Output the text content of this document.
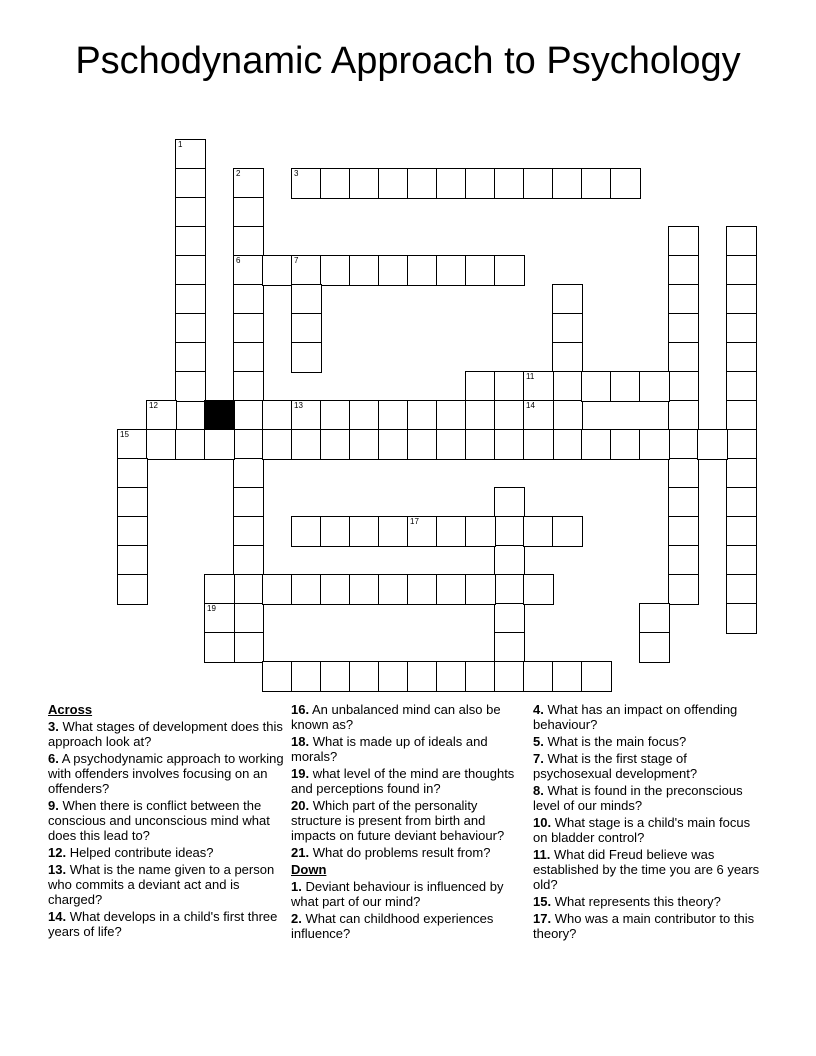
Pschodynamic Approach to Psychology
1
2
6
3
7
11
12	13	14
15
17
19
Across
3. What stages of development does this approach look at?
6. A psychodynamic approach to working with offenders involves focusing on an offenders?
9. When there is conflict between the conscious and unconscious mind what does this lead to?
12. Helped contribute ideas?
13. What is the name given to a person who commits a deviant act and is charged?
14. What develops in a child's first three years of life?
16. An unbalanced mind can also be known as?
18. What is made up of ideals and morals?
19. what level of the mind are thoughts and perceptions found in?
20. Which part of the personality structure is present from birth and impacts on future deviant behaviour?
21. What do problems result from?
Down
1. Deviant behaviour is influenced by what part of our mind?
2. What can childhood experiences influence?
4. What has an impact on offending behaviour?
5. What is the main focus?
7. What is the first stage of psychosexual development?
8. What is found in the preconscious level of our minds?
10. What stage is a child's main focus on bladder control?
11. What did Freud believe was established by the time you are 6 years old?
15. What represents this theory?
17. Who was a main contributor to this theory?
